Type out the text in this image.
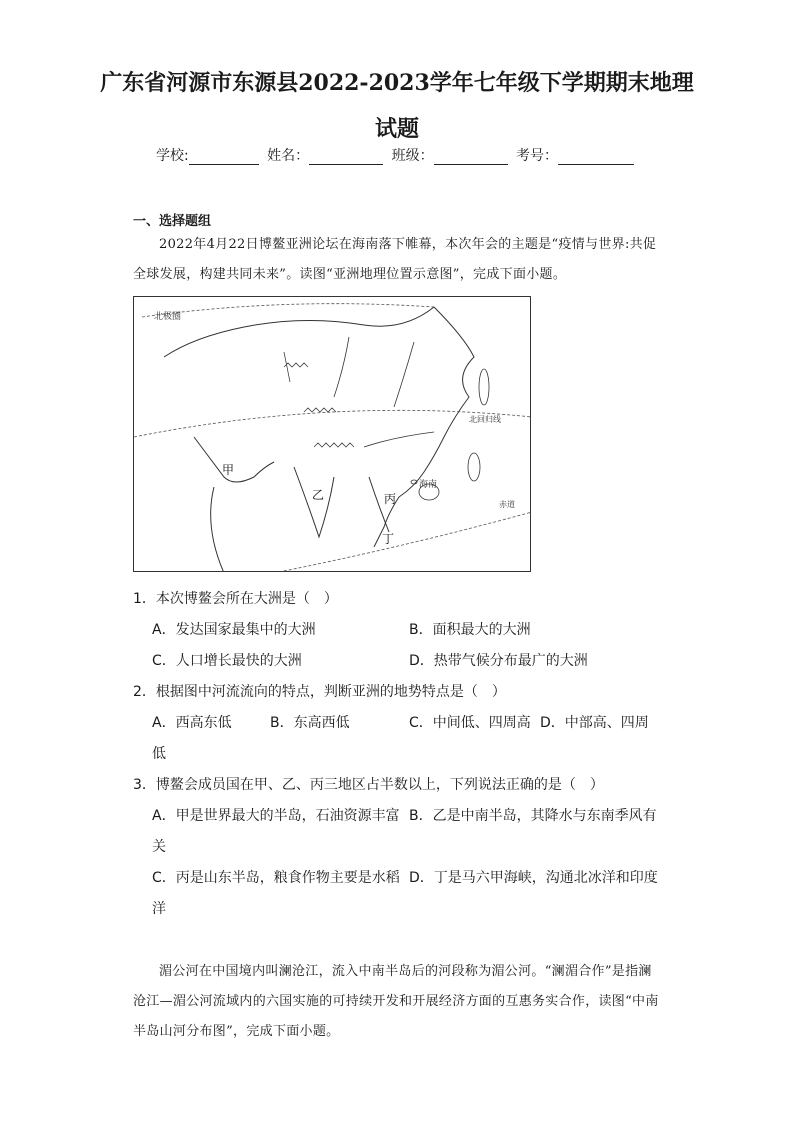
广东省河源市东源县2022-2023学年七年级下学期期末地理
试题
学校:	姓名：	班级：	考号：
一、选择题组
2022年4月22日博鳌亚洲论坛在海南落下帷幕，本次年会的主题是“疫情与世界:共促全球发展，构建共同未来”。读图“亚洲地理位置示意图”，完成下面小题。
北极圈
北回归线
赤道
海南
甲
乙	丙
丁
1．本次博鳌会所在大洲是（　）
A．发达国家最集中的大洲	B．面积最大的大洲
C．人口增长最快的大洲	D．热带气候分布最广的大洲
2．根据图中河流流向的特点，判断亚洲的地势特点是（　）
A．西高东低	B．东高西低	C．中间低、四周高 D．中部高、四周
低
3．博鳌会成员国在甲、乙、丙三地区占半数以上，下列说法正确的是（　）
A．甲是世界最大的半岛，石油资源丰富 B．乙是中南半岛，其降水与东南季风有
关
C．丙是山东半岛，粮食作物主要是水稻 D．丁是马六甲海峡，沟通北冰洋和印度
洋
湄公河在中国境内叫澜沧江，流入中南半岛后的河段称为湄公河。“澜湄合作”是指澜沧江—湄公河流域内的六国实施的可持续开发和开展经济方面的互惠务实合作，读图“中南半岛山河分布图”，完成下面小题。
